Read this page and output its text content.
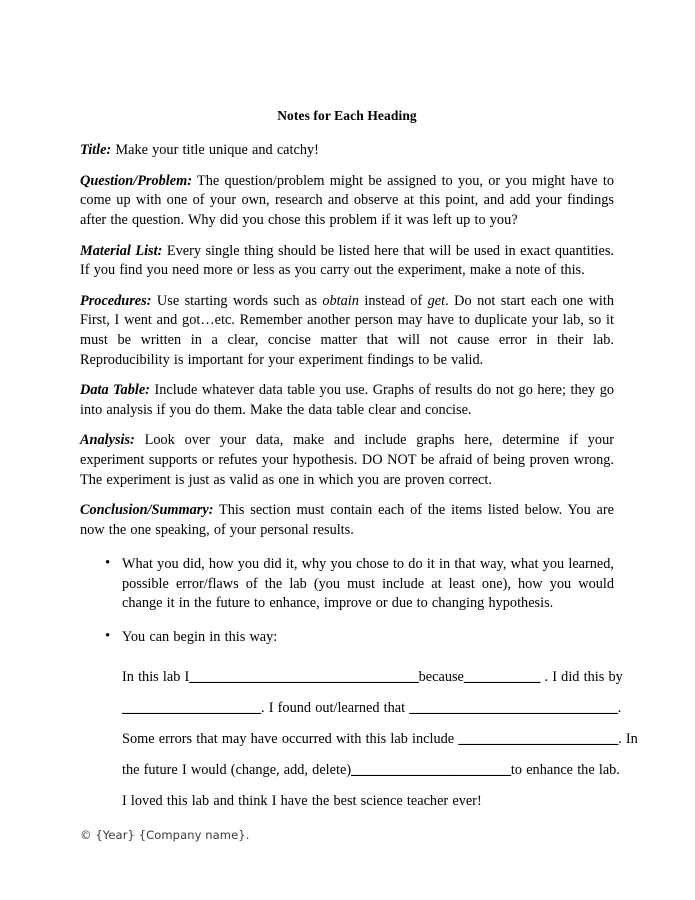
Notes for Each Heading

Title: Make your title unique and catchy!

Question/Problem: The question/problem might be assigned to you, or you might have to come up with one of your own, research and observe at this point, and add your findings after the question. Why did you chose this problem if it was left up to you?

Material List: Every single thing should be listed here that will be used in exact quantities. If you find you need more or less as you carry out the experiment, make a note of this.

Procedures: Use starting words such as obtain instead of get. Do not start each one with First, I went and got…etc. Remember another person may have to duplicate your lab, so it must be written in a clear, concise matter that will not cause error in their lab. Reproducibility is important for your experiment findings to be valid.

Data Table: Include whatever data table you use. Graphs of results do not go here; they go into analysis if you do them. Make the data table clear and concise.

Analysis: Look over your data, make and include graphs here, determine if your experiment supports or refutes your hypothesis. DO NOT be afraid of being proven wrong. The experiment is just as valid as one in which you are proven correct.

Conclusion/Summary: This section must contain each of the items listed below. You are now the one speaking, of your personal results.

• What you did, how you did it, why you chose to do it in that way, what you learned, possible error/flaws of the lab (you must include at least one), how you would change it in the future to enhance, improve or due to changing hypothesis.
• You can begin in this way:
In this lab I_________________________________because___________ . I did this by
____________________. I found out/learned that ______________________________.
Some errors that may have occurred with this lab include _______________________. In
the future I would (change, add, delete)_______________________to enhance the lab.
I loved this lab and think I have the best science teacher ever!
© {Year} {Company name}.
